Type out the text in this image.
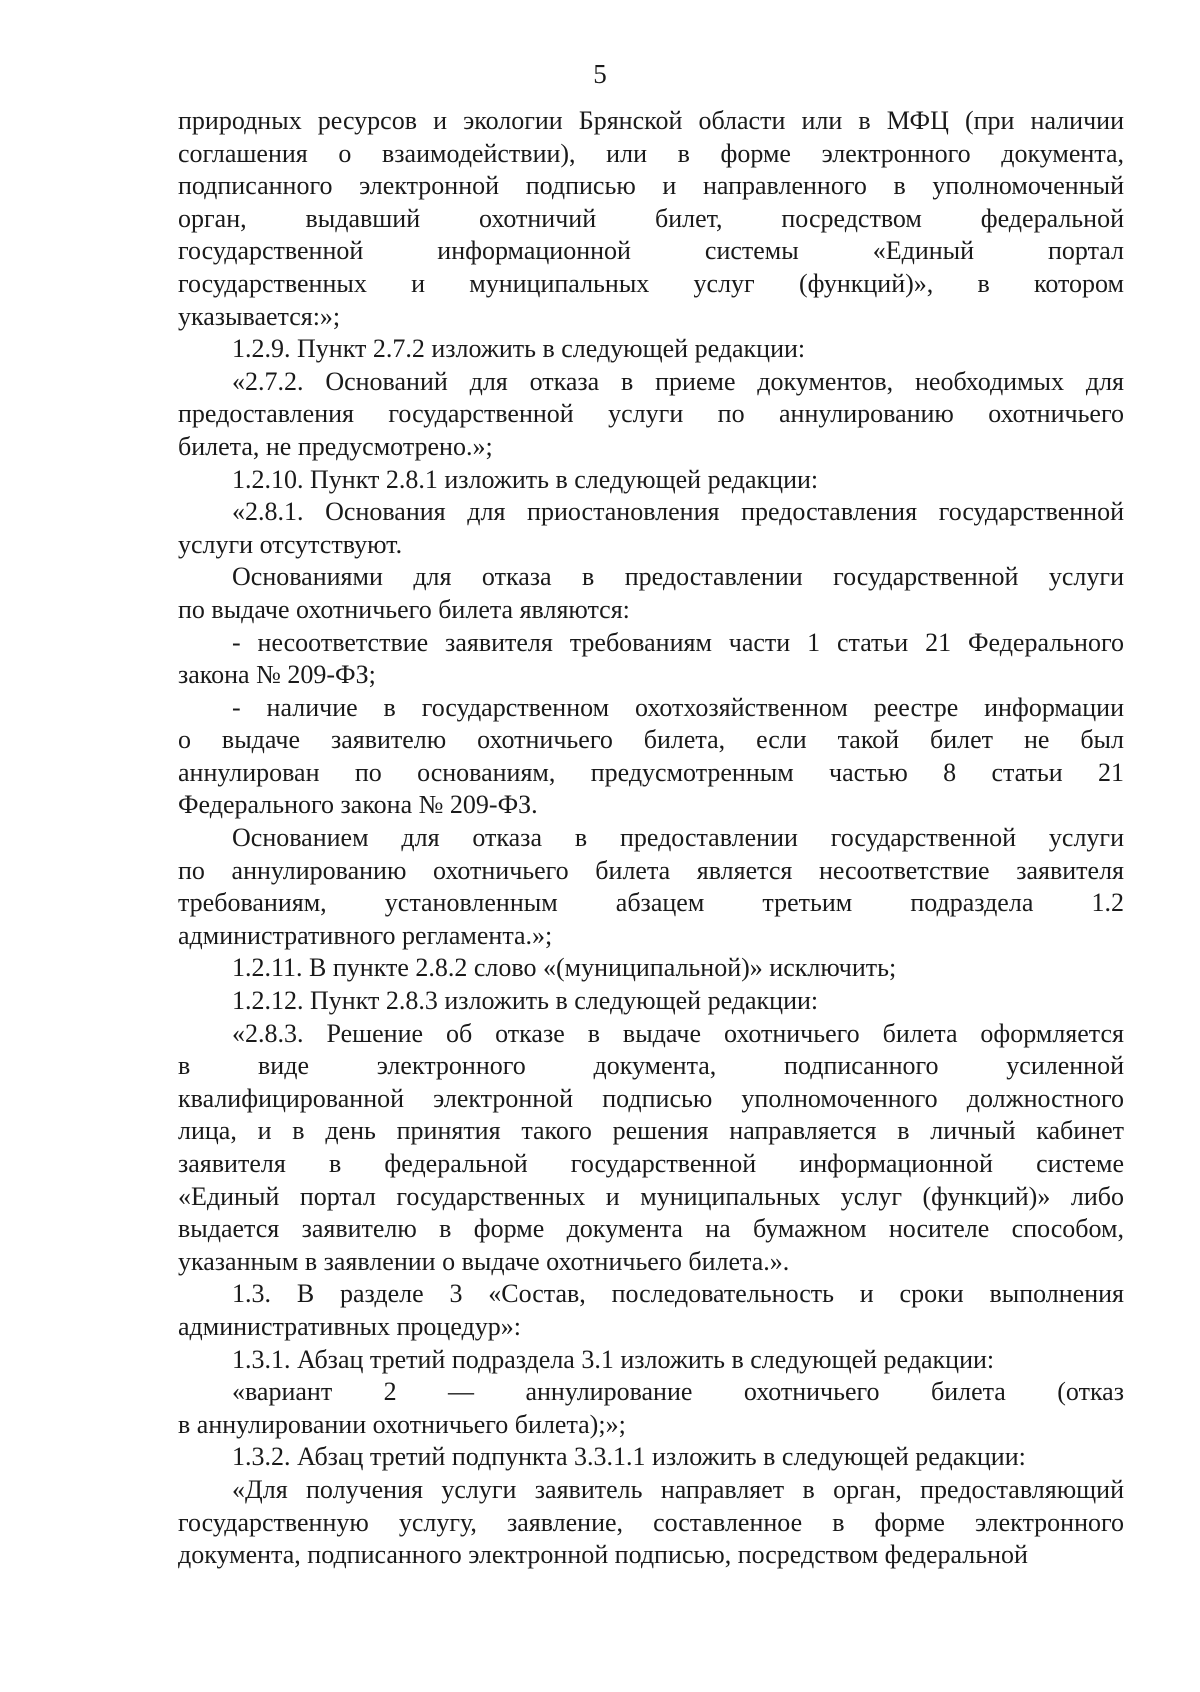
5
природных ресурсов и экологии Брянской области или в МФЦ (при наличии
соглашения о взаимодействии), или в форме электронного документа,
подписанного электронной подписью и направленного в уполномоченный
орган, выдавший охотничий билет, посредством федеральной
государственной информационной системы «Единый портал
государственных и муниципальных услуг (функций)», в котором
указывается:»;
1.2.9. Пункт 2.7.2 изложить в следующей редакции:
«2.7.2. Оснований для отказа в приеме документов, необходимых для
предоставления государственной услуги по аннулированию охотничьего
билета, не предусмотрено.»;
1.2.10. Пункт 2.8.1 изложить в следующей редакции:
«2.8.1. Основания для приостановления предоставления государственной
услуги отсутствуют.
Основаниями для отказа в предоставлении государственной услуги
по выдаче охотничьего билета являются:
- несоответствие заявителя требованиям части 1 статьи 21 Федерального
закона № 209-ФЗ;
- наличие в государственном охотхозяйственном реестре информации
о выдаче заявителю охотничьего билета, если такой билет не был
аннулирован по основаниям, предусмотренным частью 8 статьи 21
Федерального закона № 209-ФЗ.
Основанием для отказа в предоставлении государственной услуги
по аннулированию охотничьего билета является несоответствие заявителя
требованиям, установленным абзацем третьим подраздела 1.2
административного регламента.»;
1.2.11. В пункте 2.8.2 слово «(муниципальной)» исключить;
1.2.12. Пункт 2.8.3 изложить в следующей редакции:
«2.8.3. Решение об отказе в выдаче охотничьего билета оформляется
в виде электронного документа, подписанного усиленной
квалифицированной электронной подписью уполномоченного должностного
лица, и в день принятия такого решения направляется в личный кабинет
заявителя в федеральной государственной информационной системе
«Единый портал государственных и муниципальных услуг (функций)» либо
выдается заявителю в форме документа на бумажном носителе способом,
указанным в заявлении о выдаче охотничьего билета.».
1.3. В разделе 3 «Состав, последовательность и сроки выполнения
административных процедур»:
1.3.1. Абзац третий подраздела 3.1 изложить в следующей редакции:
«вариант 2 — аннулирование охотничьего билета (отказ
в аннулировании охотничьего билета);»;
1.3.2. Абзац третий подпункта 3.3.1.1 изложить в следующей редакции:
«Для получения услуги заявитель направляет в орган, предоставляющий
государственную услугу, заявление, составленное в форме электронного
документа, подписанного электронной подписью, посредством федеральной
